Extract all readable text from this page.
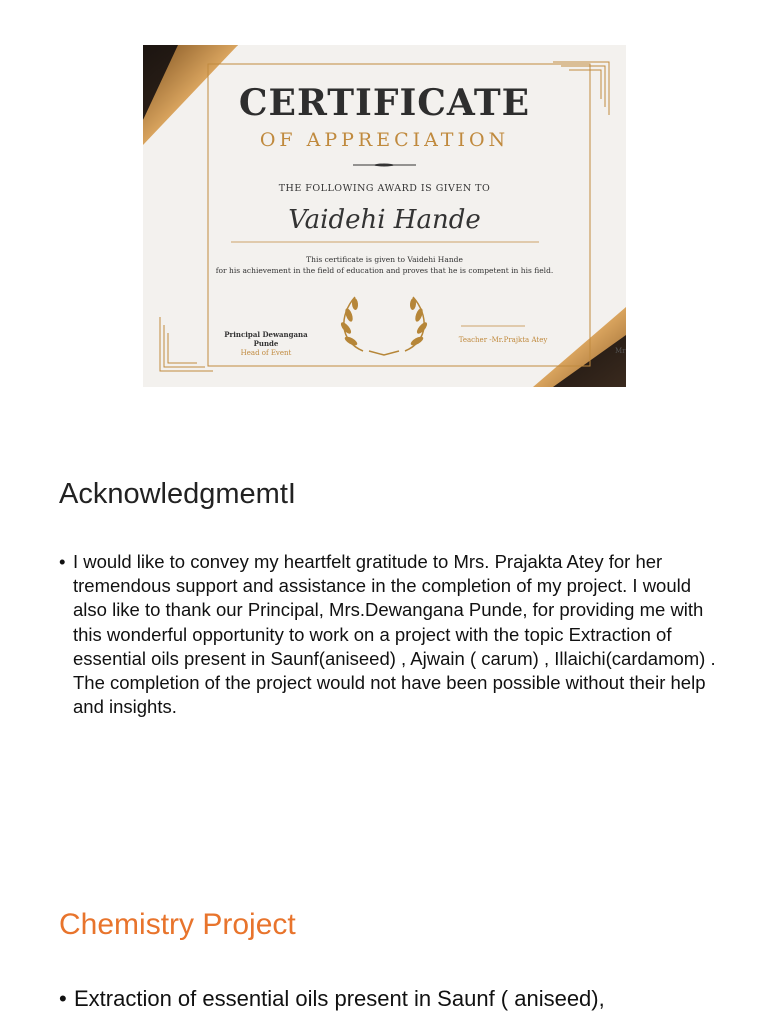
CERTIFICATE
OF APPRECIATION
THE FOLLOWING AWARD IS GIVEN TO
Vaidehi Hande
This certificate is given to Vaidehi Hande
for his achievement in the field of education and proves that he is competent in his field.
Principal Dewangana Punde
Head of Event
Teacher -Mr.Prajkta Atey
Mr
AcknowledgmemtI
• I would like to convey my heartfelt gratitude to Mrs. Prajakta Atey for her tremendous support and assistance in the completion of my project. I would also like to thank our Principal, Mrs.Dewangana Punde, for providing me with this wonderful opportunity to work on a project with the topic Extraction of essential oils present in Saunf(aniseed) , Ajwain ( carum) , Illaichi(cardamom) . The completion of the project would not have been possible without their help and insights.
Chemistry Project
• Extraction of essential oils present in Saunf ( aniseed),
